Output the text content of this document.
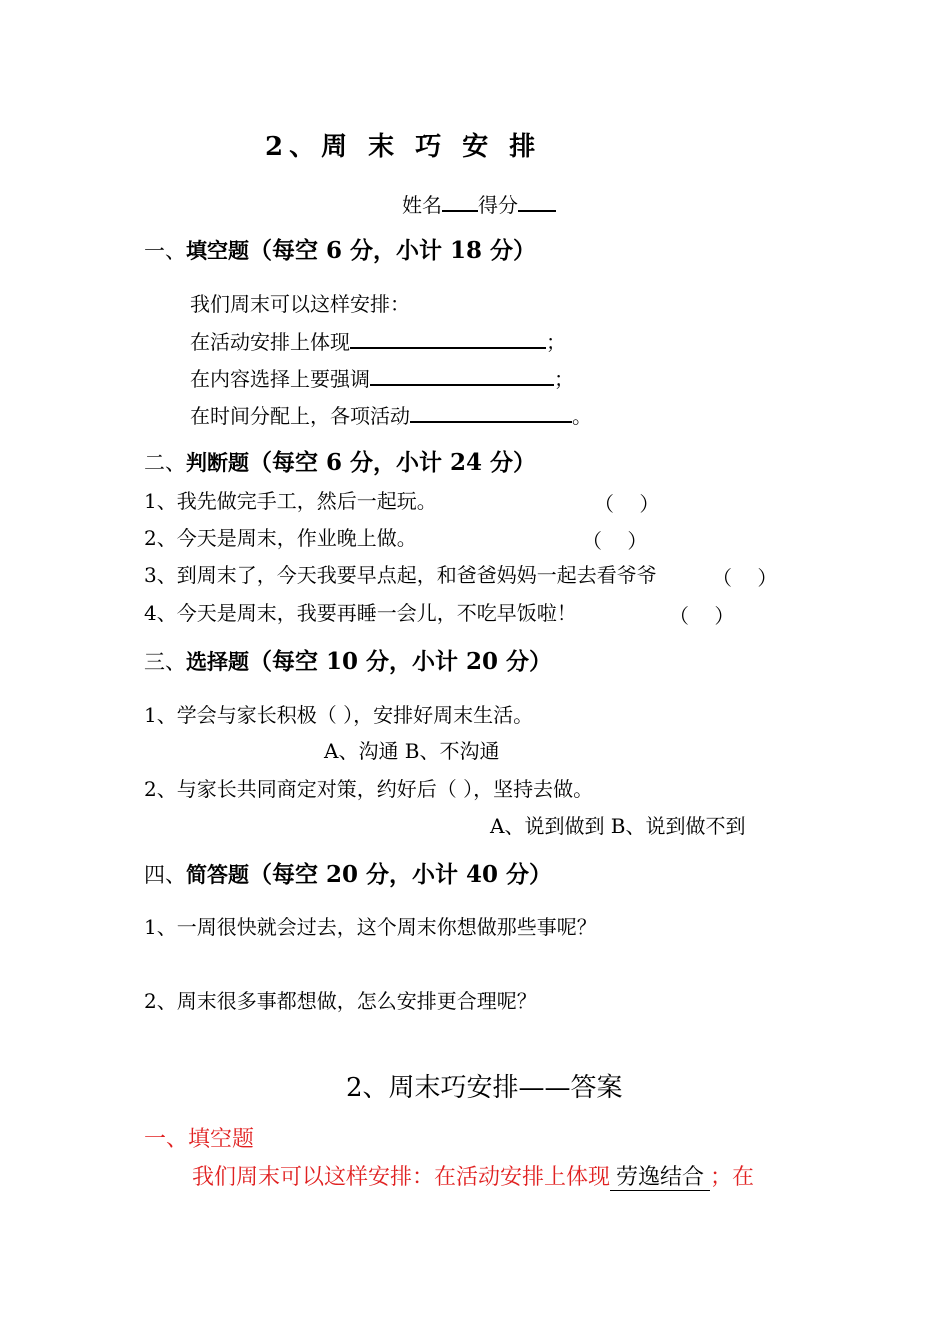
2、周 末 巧 安 排
姓名 得分
一、填空题（每空 6 分，小计 18 分）
我们周末可以这样安排：
在活动安排上体现	；
在内容选择上要强调	；
在时间分配上，各项活动	。
二、判断题（每空 6 分，小计 24 分）
1、我先做完手工，然后一起玩。	（    ）
2、今天是周末，作业晚上做。	（    ）
3、到周末了，今天我要早点起，和爸爸妈妈一起去看爷爷	（    ）
4、今天是周末，我要再睡一会儿，不吃早饭啦！	（    ）
三、选择题（每空 10 分，小计 20 分）
1、学会与家长积极（ ），安排好周末生活。
A、沟通 B、不沟通
2、与家长共同商定对策，约好后（ ），坚持去做。
A、说到做到 B、说到做不到
四、简答题（每空 20 分，小计 40 分）
1、一周很快就会过去，这个周末你想做那些事呢？
2、周末很多事都想做，怎么安排更合理呢？
2、周末巧安排——答案
一、填空题
我们周末可以这样安排：在活动安排上体现 劳逸结合 ；在
